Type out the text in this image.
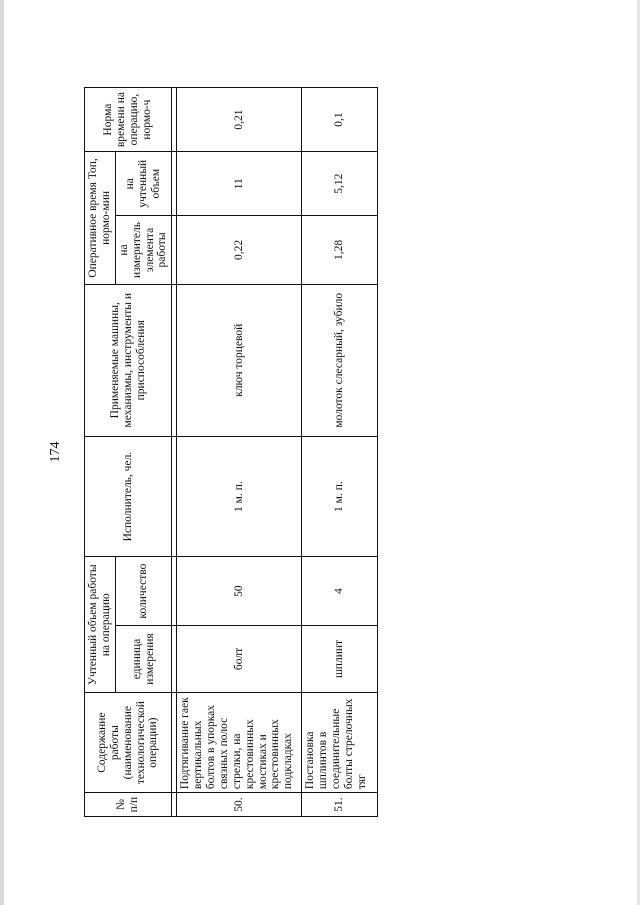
174
№ п/п	Содержание работы (наименование технологической операции)	Учтенный объем работы на операцию		Исполнитель, чел.	Применяемые машины, механизмы, инструменты и приспособления	Оперативное время Топ, нормо-мин		Норма времени на операцию, нормо-ч
		единица измерения	количество			на измеритель элемента работы	на учтенный объем	

50.	Подтягивание гаек вертикальных болтов в упорках связных полос стрелки, на крестовинных мостиках и крестовинных подкладках	болт	50	1 м. п.	ключ торцевой	0,22	11	0,21
51.	Постановка шплинтов в соединительные болты стрелочных тяг	шплинт	4	1 м. п.	молоток слесарный, зубило	1,28	5,12	0,1
